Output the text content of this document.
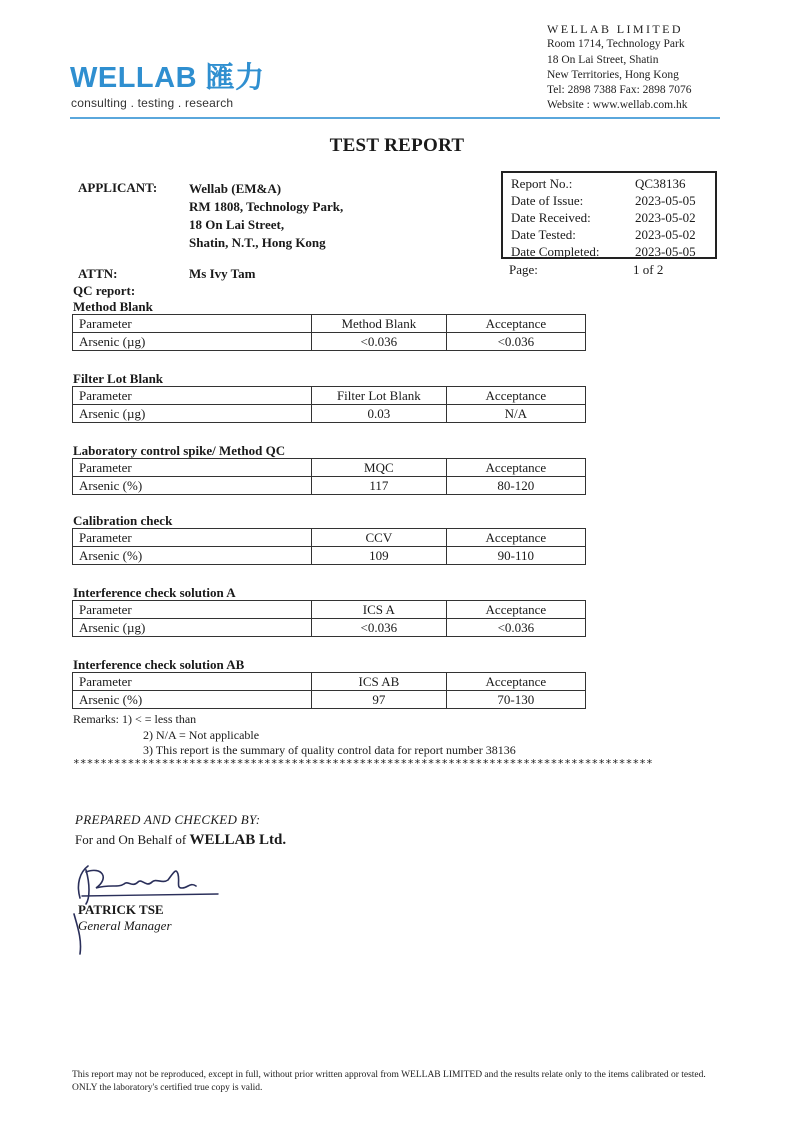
WELLAB 匯力
consulting . testing . research
WELLAB LIMITED
Room 1714, Technology Park
18 On Lai Street, Shatin
New Territories, Hong Kong
Tel: 2898 7388 Fax: 2898 7076
Website : www.wellab.com.hk
TEST REPORT
APPLICANT: Wellab (EM&A)
RM 1808, Technology Park,
18 On Lai Street,
Shatin, N.T., Hong Kong
ATTN:	Ms Ivy Tam
Report No.:	QC38136
Date of Issue:	2023-05-05
Date Received:	2023-05-02
Date Tested:	2023-05-02
Date Completed:	2023-05-05
Page:	1 of 2
QC report:
Method Blank
Parameter	Method Blank	Acceptance
Arsenic (µg)	<0.036	<0.036
Filter Lot Blank
Parameter	Filter Lot Blank	Acceptance
Arsenic (µg)	0.03	N/A
Laboratory control spike/ Method QC
Parameter	MQC	Acceptance
Arsenic (%)	117	80-120
Calibration check
Parameter	CCV	Acceptance
Arsenic (%)	109	90-110
Interference check solution A
Parameter	ICS A	Acceptance
Arsenic (µg)	<0.036	<0.036
Interference check solution AB
Parameter	ICS AB	Acceptance
Arsenic (%)	97	70-130
Remarks: 1) < = less than
2) N/A = Not applicable
3) This report is the summary of quality control data for report number 38136
*************************************************************************************
PREPARED AND CHECKED BY:
For and On Behalf of WELLAB Ltd.
PATRICK TSE
General Manager
This report may not be reproduced, except in full, without prior written approval from WELLAB LIMITED and the results relate only to the items calibrated or tested. ONLY the laboratory's certified true copy is valid.
